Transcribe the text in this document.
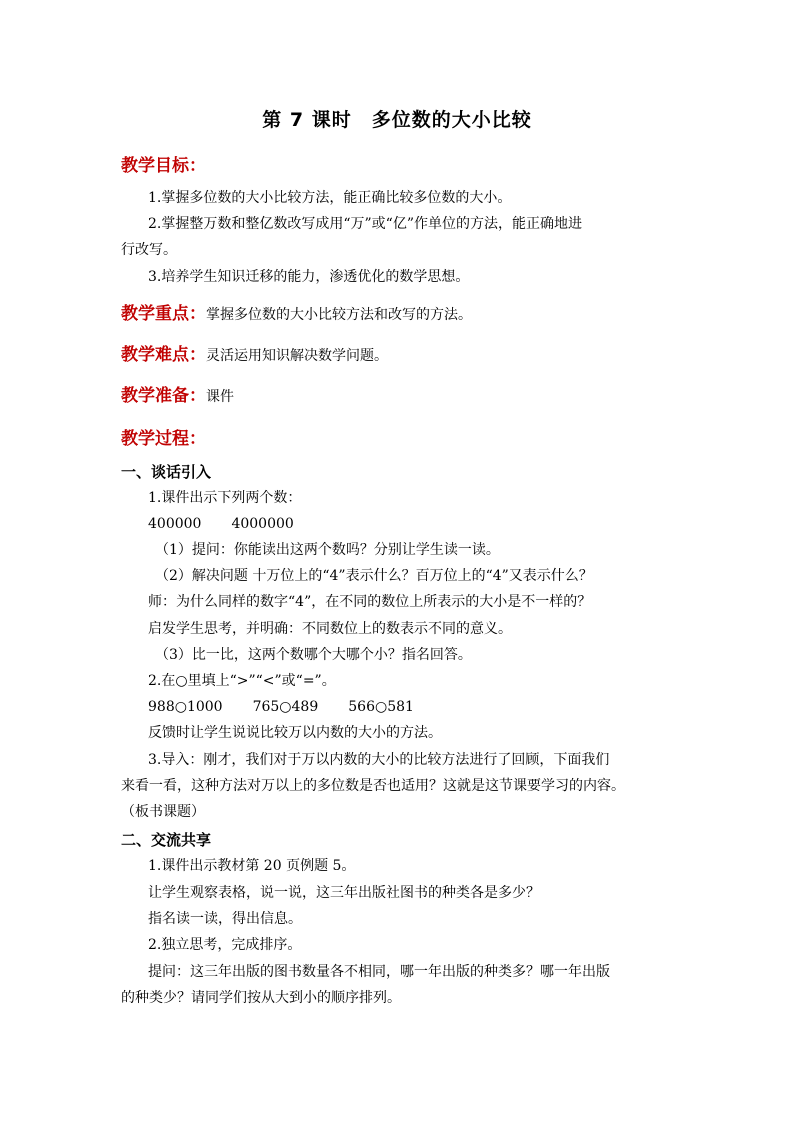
第 7 课时　多位数的大小比较
教学目标：
1.掌握多位数的大小比较方法，能正确比较多位数的大小。
2.掌握整万数和整亿数改写成用“万”或“亿”作单位的方法，能正确地进
行改写。
3.培养学生知识迁移的能力，渗透优化的数学思想。
教学重点：掌握多位数的大小比较方法和改写的方法。
教学难点：灵活运用知识解决数学问题。
教学准备：课件
教学过程：
一、谈话引入
1.课件出示下列两个数：
400000 4000000
（1）提问：你能读出这两个数吗？分别让学生读一读。
（2）解决问题 十万位上的“4”表示什么？百万位上的“4”又表示什么？
师：为什么同样的数字“4”，在不同的数位上所表示的大小是不一样的？
启发学生思考，并明确：不同数位上的数表示不同的意义。
（3）比一比，这两个数哪个大哪个小？指名回答。
2.在○里填上“>”“<”或“=”。
988○1000 765○489 566○581
反馈时让学生说说比较万以内数的大小的方法。
3.导入：刚才，我们对于万以内数的大小的比较方法进行了回顾，下面我们
来看一看，这种方法对万以上的多位数是否也适用？这就是这节课要学习的内容。
（板书课题）
二、交流共享
1.课件出示教材第 20 页例题 5。
让学生观察表格，说一说，这三年出版社图书的种类各是多少？
指名读一读，得出信息。
2.独立思考，完成排序。
提问：这三年出版的图书数量各不相同，哪一年出版的种类多？哪一年出版
的种类少？请同学们按从大到小的顺序排列。
